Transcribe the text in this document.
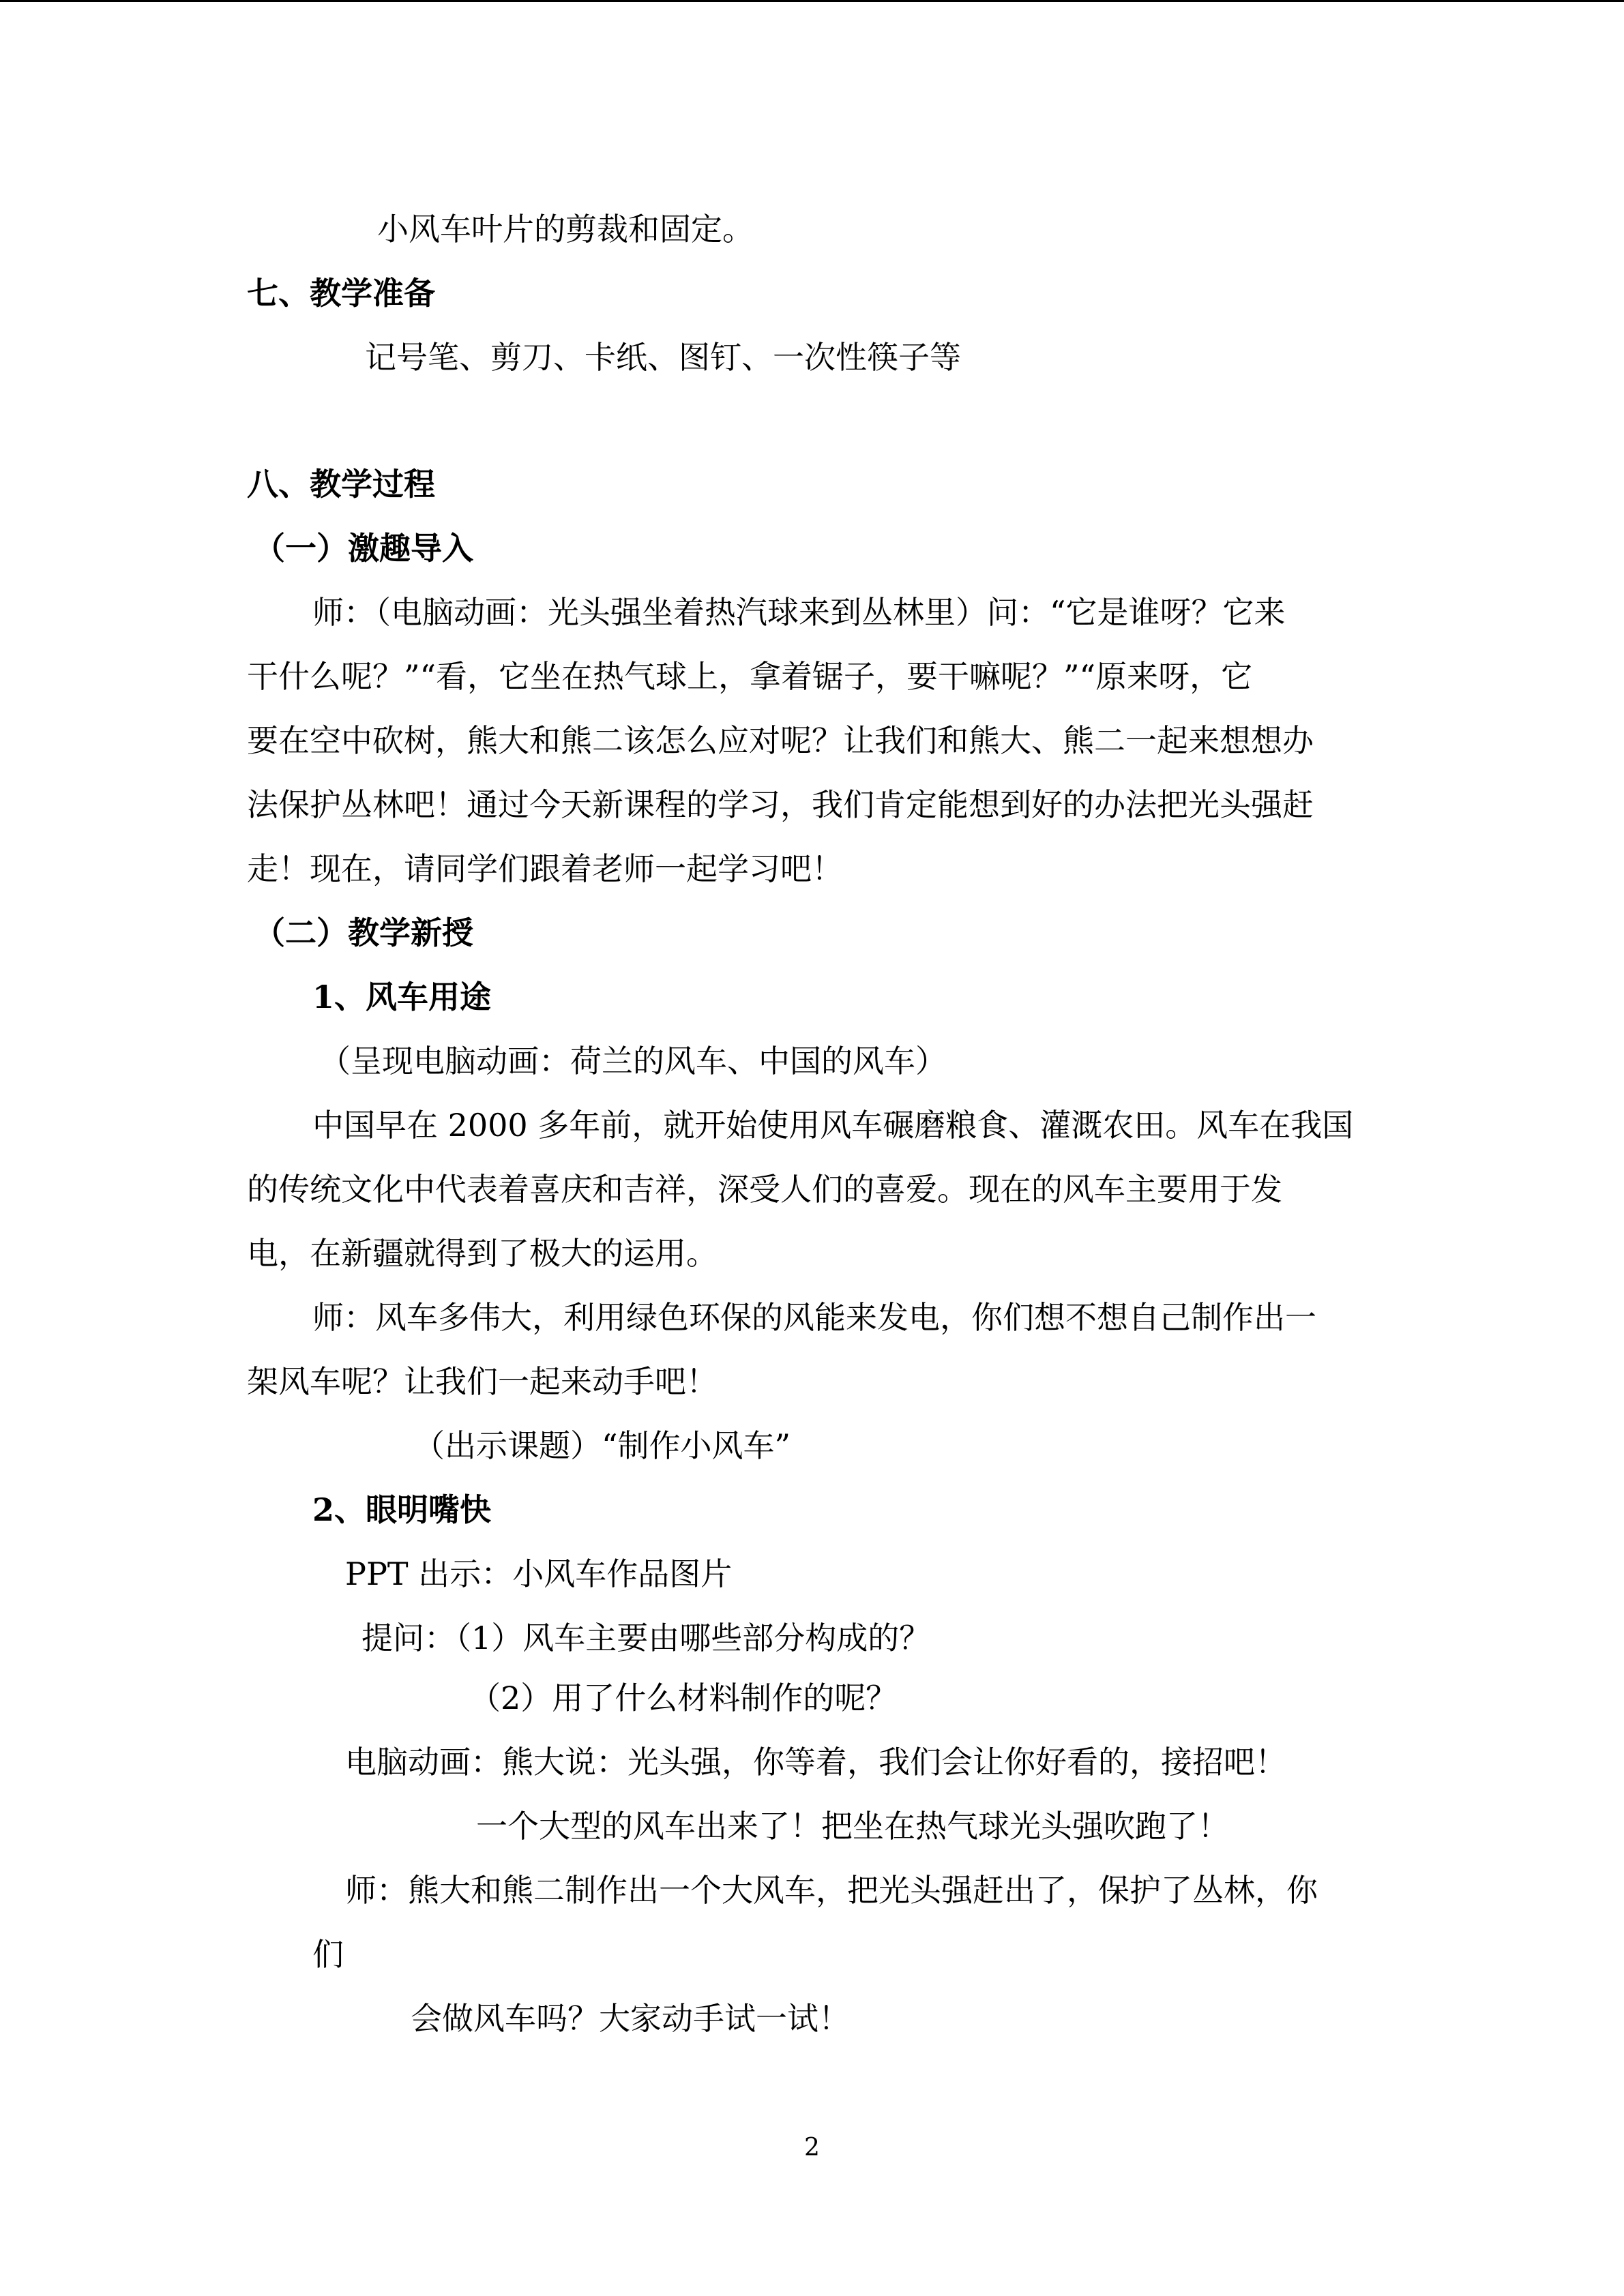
小风车叶片的剪裁和固定。
七、教学准备
记号笔、剪刀、卡纸、图钉、一次性筷子等
八、教学过程
（一）激趣导入
师：（电脑动画：光头强坐着热汽球来到丛林里）问：“它是谁呀？它来
干什么呢？”“看，它坐在热气球上，拿着锯子，要干嘛呢？”“原来呀，它
要在空中砍树，熊大和熊二该怎么应对呢？让我们和熊大、熊二一起来想想办
法保护丛林吧！通过今天新课程的学习，我们肯定能想到好的办法把光头强赶
走！现在，请同学们跟着老师一起学习吧！
（二）教学新授
1、风车用途
（呈现电脑动画：荷兰的风车、中国的风车）
中国早在 2000 多年前，就开始使用风车碾磨粮食、灌溉农田。风车在我国
的传统文化中代表着喜庆和吉祥，深受人们的喜爱。现在的风车主要用于发
电，在新疆就得到了极大的运用。
师：风车多伟大，利用绿色环保的风能来发电，你们想不想自己制作出一
架风车呢？让我们一起来动手吧！
（出示课题）“制作小风车”
2、眼明嘴快
PPT 出示：小风车作品图片
提问：（1）风车主要由哪些部分构成的？
（2）用了什么材料制作的呢？
电脑动画：熊大说：光头强，你等着，我们会让你好看的，接招吧！
一个大型的风车出来了！把坐在热气球光头强吹跑了！
师：熊大和熊二制作出一个大风车，把光头强赶出了，保护了丛林，你
们
会做风车吗？大家动手试一试！
2
